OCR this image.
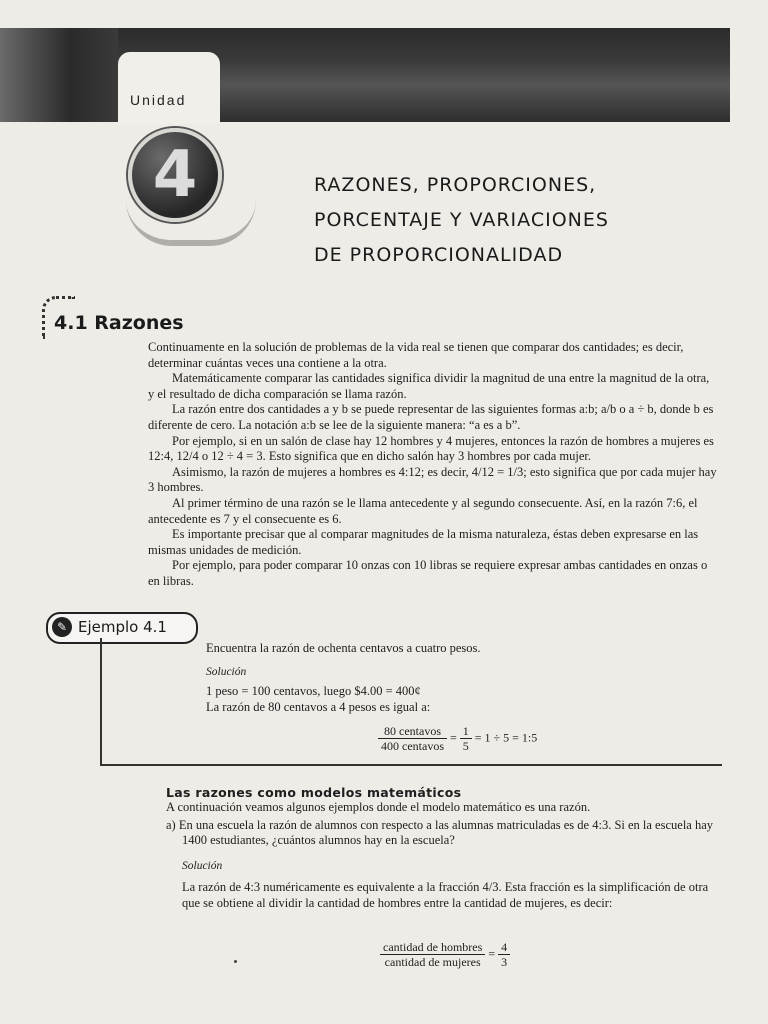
Unidad
4	RAZONES, PROPORCIONES,
PORCENTAJE Y VARIACIONES
DE PROPORCIONALIDAD
4.1 Razones

Continuamente en la solución de problemas de la vida real se tienen que comparar dos cantidades; es decir, determinar cuántas veces una contiene a la otra.

Matemáticamente comparar las cantidades significa dividir la magnitud de una entre la magnitud de la otra, y el resultado de dicha comparación se llama razón.

La razón entre dos cantidades a y b se puede representar de las siguientes formas a:b; a/b o a ÷ b, donde b es diferente de cero. La notación a:b se lee de la siguiente manera: “a es a b”.

Por ejemplo, si en un salón de clase hay 12 hombres y 4 mujeres, entonces la razón de hombres a mujeres es 12:4, 12/4 o 12 ÷ 4 = 3. Esto significa que en dicho salón hay 3 hombres por cada mujer.

Asimismo, la razón de mujeres a hombres es 4:12; es decir, 4/12 = 1/3; esto significa que por cada mujer hay 3 hombres.

Al primer término de una razón se le llama antecedente y al segundo consecuente. Así, en la razón 7:6, el antecedente es 7 y el consecuente es 6.

Es importante precisar que al comparar magnitudes de la misma naturaleza, éstas deben expresarse en las mismas unidades de medición.

Por ejemplo, para poder comparar 10 onzas con 10 libras se requiere expresar ambas cantidades en onzas o en libras.

✎ Ejemplo 4.1
Encuentra la razón de ochenta centavos a cuatro pesos.
Solución
1 peso = 100 centavos, luego $4.00 = 400¢
La razón de 80 centavos a 4 pesos es igual a:
$\frac{\text{80 centavos}}{\text{400 centavos}} = \frac{1}{5} = 1 \div 5$ = 1:5
Las razones como modelos matemáticos
A continuación veamos algunos ejemplos donde el modelo matemático es una razón.
a) En una escuela la razón de alumnos con respecto a las alumnas matriculadas es de 4:3. Si en la escuela hay 1400 estudiantes, ¿cuántos alumnos hay en la escuela?
Solución
La razón de 4:3 numéricamente es equivalente a la fracción 4/3. Esta fracción es la simplificación de otra que se obtiene al dividir la cantidad de hombres entre la cantidad de mujeres, es decir:
$\frac{\text{cantidad de hombres}}{\text{cantidad de mujeres}} = \frac{4}{3}$
